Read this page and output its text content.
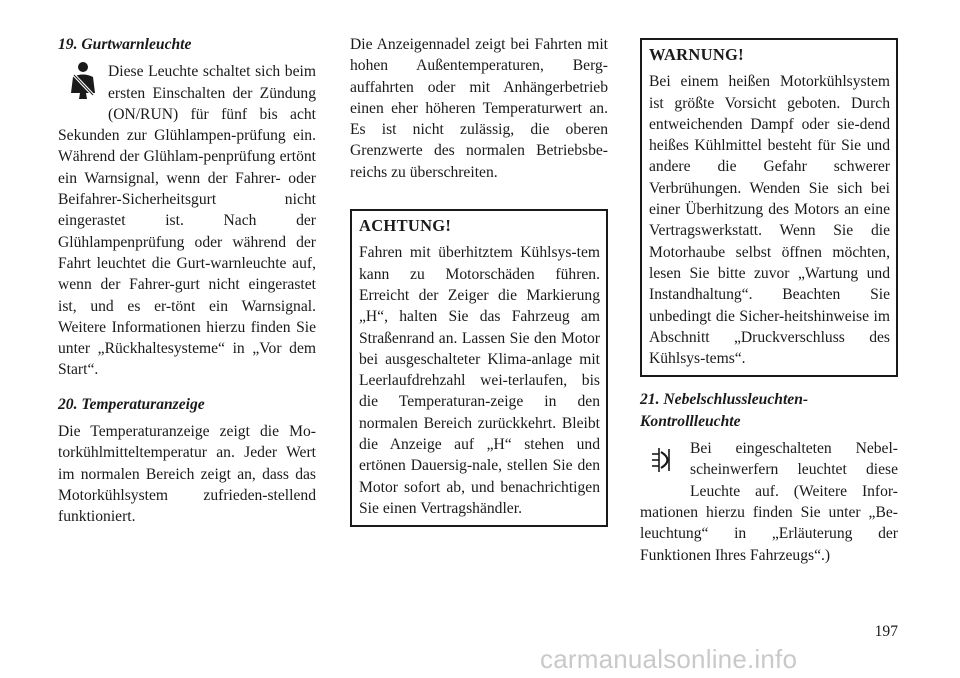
19. Gurtwarnleuchte
Diese Leuchte schaltet sich beim ersten Einschalten der Zündung (ON/RUN) für fünf bis acht Sekunden zur Glühlampen-prüfung ein. Während der Glühlam-penprüfung ertönt ein Warnsignal, wenn der Fahrer- oder Beifahrer-Sicherheitsgurt nicht eingerastet ist. Nach der Glühlampenprüfung oder während der Fahrt leuchtet die Gurt-warnleuchte auf, wenn der Fahrer-gurt nicht eingerastet ist, und es er-tönt ein Warnsignal. Weitere Informationen hierzu finden Sie unter „Rückhaltesysteme“ in „Vor dem Start“.
20. Temperaturanzeige

Die Temperaturanzeige zeigt die Mo-torkühlmitteltemperatur an. Jeder Wert im normalen Bereich zeigt an, dass das Motorkühlsystem zufrieden-stellend funktioniert.

Die Anzeigennadel zeigt bei Fahrten mit hohen Außentemperaturen, Berg-auffahrten oder mit Anhängerbetrieb einen eher höheren Temperaturwert an. Es ist nicht zulässig, die oberen Grenzwerte des normalen Betriebsbe-reichs zu überschreiten.

ACHTUNG!

Fahren mit überhitztem Kühlsys-tem kann zu Motorschäden führen. Erreicht der Zeiger die Markierung „H“, halten Sie das Fahrzeug am Straßenrand an. Lassen Sie den Motor bei ausgeschalteter Klima-anlage mit Leerlaufdrehzahl wei-terlaufen, bis die Temperaturan-zeige in den normalen Bereich zurückkehrt. Bleibt die Anzeige auf „H“ stehen und ertönen Dauersig-nale, stellen Sie den Motor sofort ab, und benachrichtigen Sie einen Vertragshändler.

WARNUNG!

Bei einem heißen Motorkühlsystem ist größte Vorsicht geboten. Durch entweichenden Dampf oder sie-dend heißes Kühlmittel besteht für Sie und andere die Gefahr schwerer Verbrühungen. Wenden Sie sich bei einer Überhitzung des Motors an eine Vertragswerkstatt. Wenn Sie die Motorhaube selbst öffnen möchten, lesen Sie bitte zuvor „Wartung und Instandhaltung“. Beachten Sie unbedingt die Sicher-heitshinweise im Abschnitt „Druckverschluss des Kühlsys-tems“.

21. Nebelschlussleuchten-Kontrollleuchte
Bei eingeschalteten Nebel-scheinwerfern leuchtet diese Leuchte auf. (Weitere Infor-mationen hierzu finden Sie unter „Be-leuchtung“ in „Erläuterung der Funktionen Ihres Fahrzeugs“.)
197
carmanualsonline.info
